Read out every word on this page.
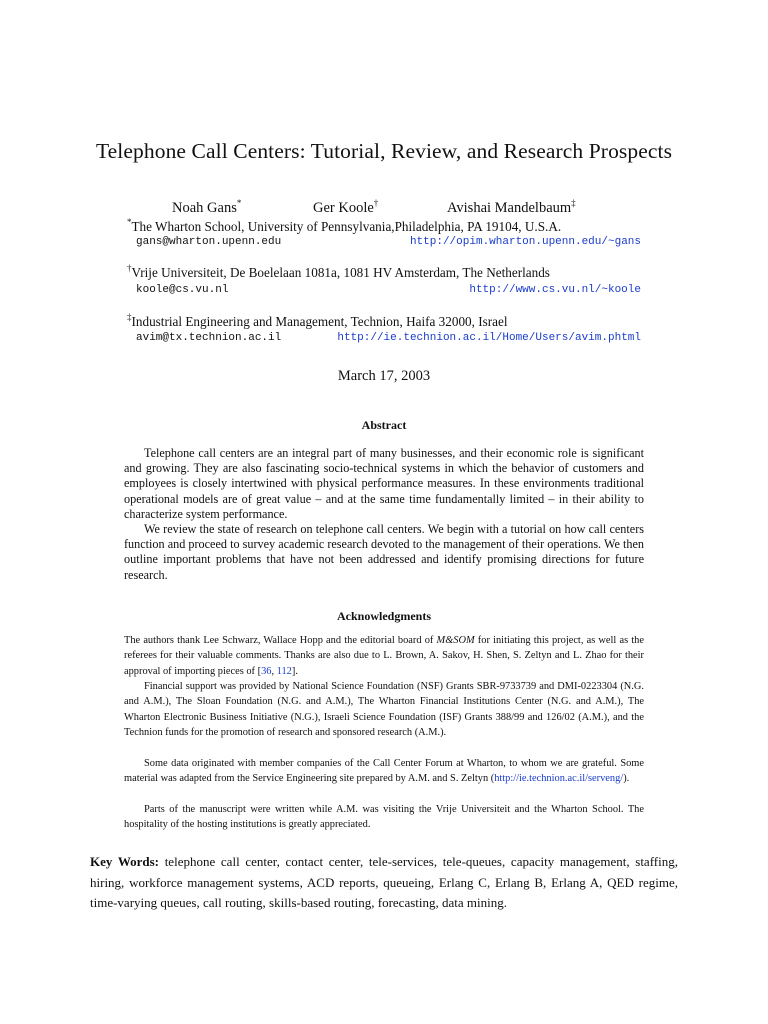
Telephone Call Centers: Tutorial, Review, and Research Prospects
Noah Gans*	Ger Koole†	Avishai Mandelbaum‡
*The Wharton School, University of Pennsylvania,Philadelphia, PA 19104, U.S.A.
gans@wharton.upenn.edu	http://opim.wharton.upenn.edu/~gans
†Vrije Universiteit, De Boelelaan 1081a, 1081 HV Amsterdam, The Netherlands
koole@cs.vu.nl	http://www.cs.vu.nl/~koole
‡Industrial Engineering and Management, Technion, Haifa 32000, Israel
avim@tx.technion.ac.il	http://ie.technion.ac.il/Home/Users/avim.phtml
March 17, 2003
Abstract

Telephone call centers are an integral part of many businesses, and their economic role is significant and growing. They are also fascinating socio-technical systems in which the behavior of customers and employees is closely intertwined with physical performance measures. In these environments traditional operational models are of great value – and at the same time fundamentally limited – in their ability to characterize system performance.

We review the state of research on telephone call centers. We begin with a tutorial on how call centers function and proceed to survey academic research devoted to the management of their operations. We then outline important problems that have not been addressed and identify promising directions for future research.

Acknowledgments

The authors thank Lee Schwarz, Wallace Hopp and the editorial board of M&SOM for initiating this project, as well as the referees for their valuable comments. Thanks are also due to L. Brown, A. Sakov, H. Shen, S. Zeltyn and L. Zhao for their approval of importing pieces of [36, 112].

Financial support was provided by National Science Foundation (NSF) Grants SBR-9733739 and DMI-0223304 (N.G. and A.M.), The Sloan Foundation (N.G. and A.M.), The Wharton Financial Institutions Center (N.G. and A.M.), The Wharton Electronic Business Initiative (N.G.), Israeli Science Foundation (ISF) Grants 388/99 and 126/02 (A.M.), and the Technion funds for the promotion of research and sponsored research (A.M.).

Some data originated with member companies of the Call Center Forum at Wharton, to whom we are grateful. Some material was adapted from the Service Engineering site prepared by A.M. and S. Zeltyn (http://ie.technion.ac.il/serveng/).

Parts of the manuscript were written while A.M. was visiting the Vrije Universiteit and the Wharton School. The hospitality of the hosting institutions is greatly appreciated.

Key Words: telephone call center, contact center, tele-services, tele-queues, capacity management, staffing, hiring, workforce management systems, ACD reports, queueing, Erlang C, Erlang B, Erlang A, QED regime, time-varying queues, call routing, skills-based routing, forecasting, data mining.
